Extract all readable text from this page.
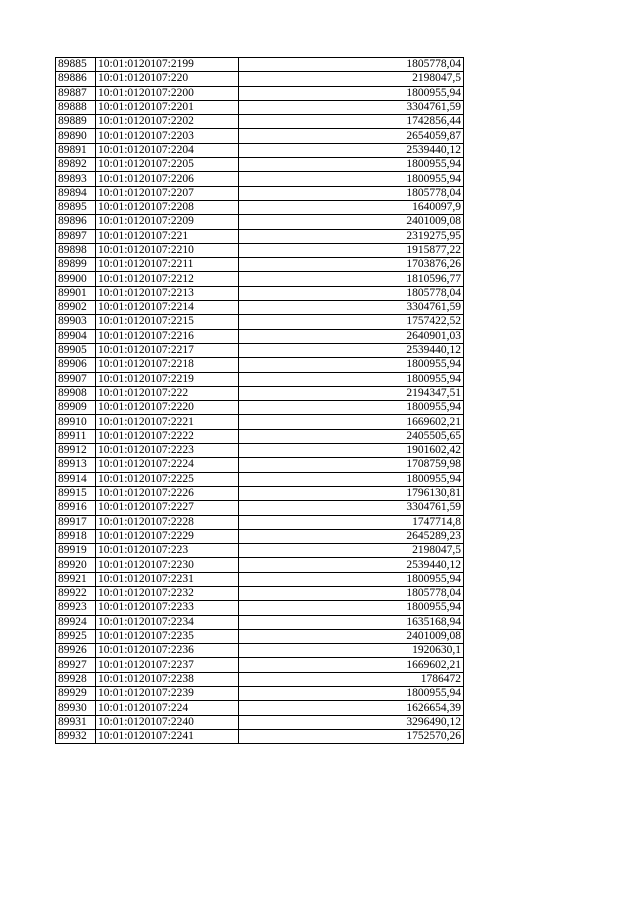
89885	10:01:0120107:2199	1805778,04
89886	10:01:0120107:220	2198047,5
89887	10:01:0120107:2200	1800955,94
89888	10:01:0120107:2201	3304761,59
89889	10:01:0120107:2202	1742856,44
89890	10:01:0120107:2203	2654059,87
89891	10:01:0120107:2204	2539440,12
89892	10:01:0120107:2205	1800955,94
89893	10:01:0120107:2206	1800955,94
89894	10:01:0120107:2207	1805778,04
89895	10:01:0120107:2208	1640097,9
89896	10:01:0120107:2209	2401009,08
89897	10:01:0120107:221	2319275,95
89898	10:01:0120107:2210	1915877,22
89899	10:01:0120107:2211	1703876,26
89900	10:01:0120107:2212	1810596,77
89901	10:01:0120107:2213	1805778,04
89902	10:01:0120107:2214	3304761,59
89903	10:01:0120107:2215	1757422,52
89904	10:01:0120107:2216	2640901,03
89905	10:01:0120107:2217	2539440,12
89906	10:01:0120107:2218	1800955,94
89907	10:01:0120107:2219	1800955,94
89908	10:01:0120107:222	2194347,51
89909	10:01:0120107:2220	1800955,94
89910	10:01:0120107:2221	1669602,21
89911	10:01:0120107:2222	2405505,65
89912	10:01:0120107:2223	1901602,42
89913	10:01:0120107:2224	1708759,98
89914	10:01:0120107:2225	1800955,94
89915	10:01:0120107:2226	1796130,81
89916	10:01:0120107:2227	3304761,59
89917	10:01:0120107:2228	1747714,8
89918	10:01:0120107:2229	2645289,23
89919	10:01:0120107:223	2198047,5
89920	10:01:0120107:2230	2539440,12
89921	10:01:0120107:2231	1800955,94
89922	10:01:0120107:2232	1805778,04
89923	10:01:0120107:2233	1800955,94
89924	10:01:0120107:2234	1635168,94
89925	10:01:0120107:2235	2401009,08
89926	10:01:0120107:2236	1920630,1
89927	10:01:0120107:2237	1669602,21
89928	10:01:0120107:2238	1786472
89929	10:01:0120107:2239	1800955,94
89930	10:01:0120107:224	1626654,39
89931	10:01:0120107:2240	3296490,12
89932	10:01:0120107:2241	1752570,26
